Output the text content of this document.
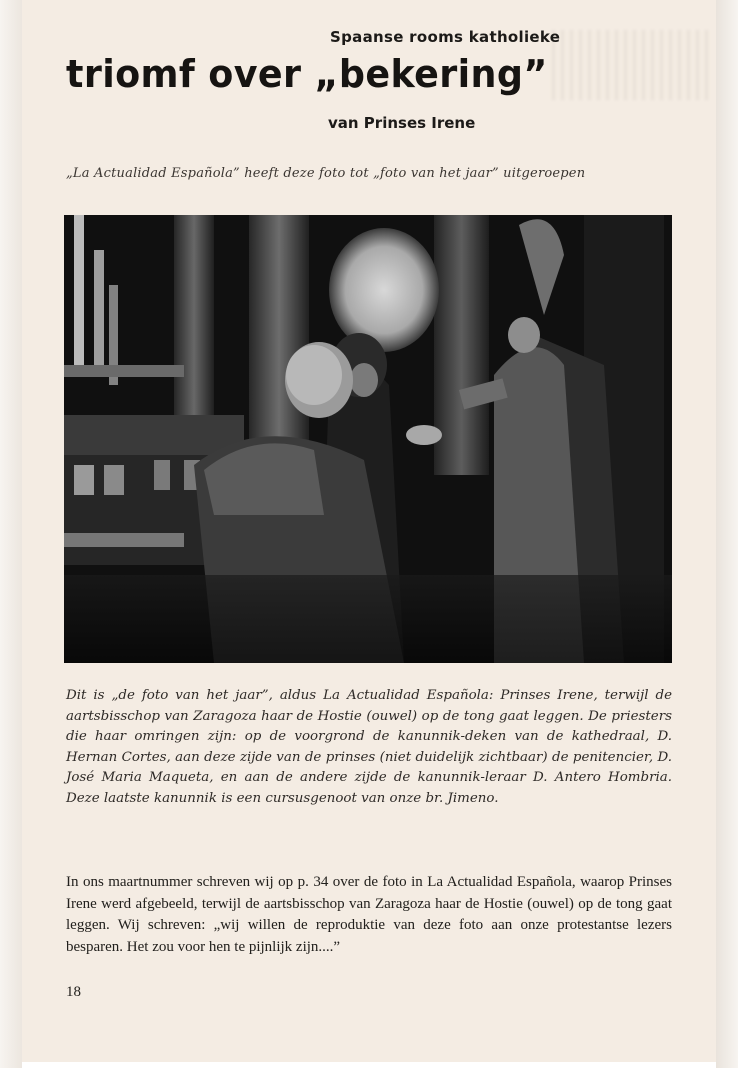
Spaanse rooms katholieke
triomf over „bekering”
van Prinses Irene
„La Actualidad Española” heeft deze foto tot „foto van het jaar” uitgeroepen
Dit is „de foto van het jaar”, aldus La Actualidad Española: Prinses Irene, terwijl de aartsbisschop van Zaragoza haar de Hostie (ouwel) op de tong gaat leggen. De priesters die haar omringen zijn: op de voorgrond de kanunnik-deken van de kathedraal, D. Hernan Cortes, aan deze zijde van de prinses (niet duidelijk zichtbaar) de penitencier, D. José Maria Maqueta, en aan de andere zijde de kanunnik-leraar D. Antero Hombria. Deze laatste kanunnik is een cursusgenoot van onze br. Jimeno.
In ons maartnummer schreven wij op p. 34 over de foto in La Actualidad Española, waarop Prinses Irene werd afgebeeld, terwijl de aartsbisschop van Zaragoza haar de Hostie (ouwel) op de tong gaat leggen. Wij schreven: „wij willen de reproduktie van deze foto aan onze protestantse lezers besparen. Het zou voor hen te pijnlijk zijn....”
18
